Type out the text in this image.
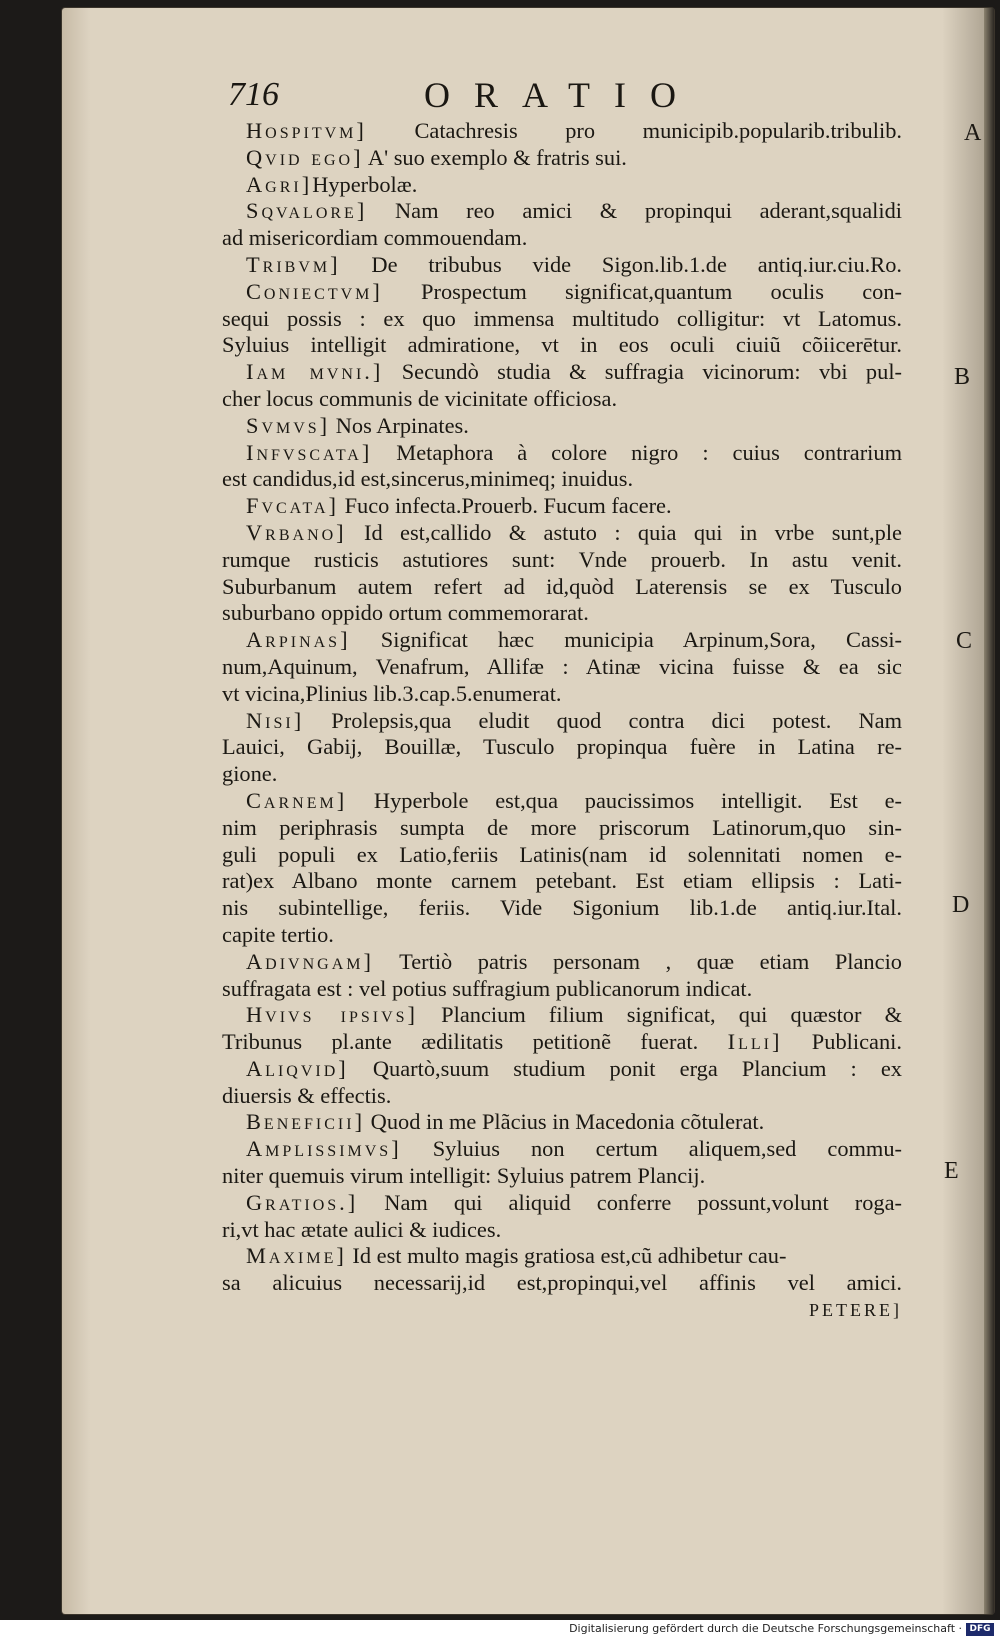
716	ORATIO
Hospitvm] Catachresis pro municipib.popularib.tribulib.
Qvid ego] A' suo exemplo & fratris sui.
Agri]Hyperbolæ.
Sqvalore] Nam reo amici & propinqui aderant,squalidi
ad misericordiam commouendam.
Tribvm] De tribubus vide Sigon.lib.1.de antiq.iur.ciu.Ro.
Coniectvm] Prospectum significat,quantum oculis con-
sequi possis : ex quo immensa multitudo colligitur: vt Latomus.
Syluius intelligit admiratione, vt in eos oculi ciuiũ cõiicerētur.
Iam mvni.] Secundò studia & suffragia vicinorum: vbi pul-
cher locus communis de vicinitate officiosa.
Svmvs] Nos Arpinates.
Infvscata] Metaphora à colore nigro : cuius contrarium
est candidus,id est,sincerus,minimeq; inuidus.
Fvcata] Fuco infecta.Prouerb. Fucum facere.
Vrbano] Id est,callido & astuto : quia qui in vrbe sunt,ple
rumque rusticis astutiores sunt: Vnde prouerb. In astu venit.
Suburbanum autem refert ad id,quòd Laterensis se ex Tusculo
suburbano oppido ortum commemorarat.
Arpinas] Significat hæc municipia Arpinum,Sora, Cassi-
num,Aquinum, Venafrum, Allifæ : Atinæ vicina fuisse & ea sic
vt vicina,Plinius lib.3.cap.5.enumerat.
Nisi] Prolepsis,qua eludit quod contra dici potest. Nam
Lauici, Gabij, Bouillæ, Tusculo propinqua fuère in Latina re-
gione.
Carnem] Hyperbole est,qua paucissimos intelligit. Est e-
nim periphrasis sumpta de more priscorum Latinorum,quo sin-
guli populi ex Latio,feriis Latinis(nam id solennitati nomen e-
rat)ex Albano monte carnem petebant. Est etiam ellipsis : Lati-
nis subintellige, feriis. Vide Sigonium lib.1.de antiq.iur.Ital.
capite tertio.
Adivngam] Tertiò patris personam , quæ etiam Plancio
suffragata est : vel potius suffragium publicanorum indicat.
Hvivs ipsivs] Plancium filium significat, qui quæstor &
Tribunus pl.ante ædilitatis petitionẽ fuerat. Illi] Publicani.
Aliqvid] Quartò,suum studium ponit erga Plancium : ex
diuersis & effectis.
Beneficii] Quod in me Plãcius in Macedonia cõtulerat.
Amplissimvs] Syluius non certum aliquem,sed commu-
niter quemuis virum intelligit: Syluius patrem Plancij.
Gratios.] Nam qui aliquid conferre possunt,volunt roga-
ri,vt hac ætate aulici & iudices.
Maxime] Id est multo magis gratiosa est,cũ adhibetur cau-
sa alicuius necessarij,id est,propinqui,vel affinis vel amici.
PETERE]
A
B
C
D
E
Digitalisierung gefördert durch die Deutsche Forschungsgemeinschaft · DFG
